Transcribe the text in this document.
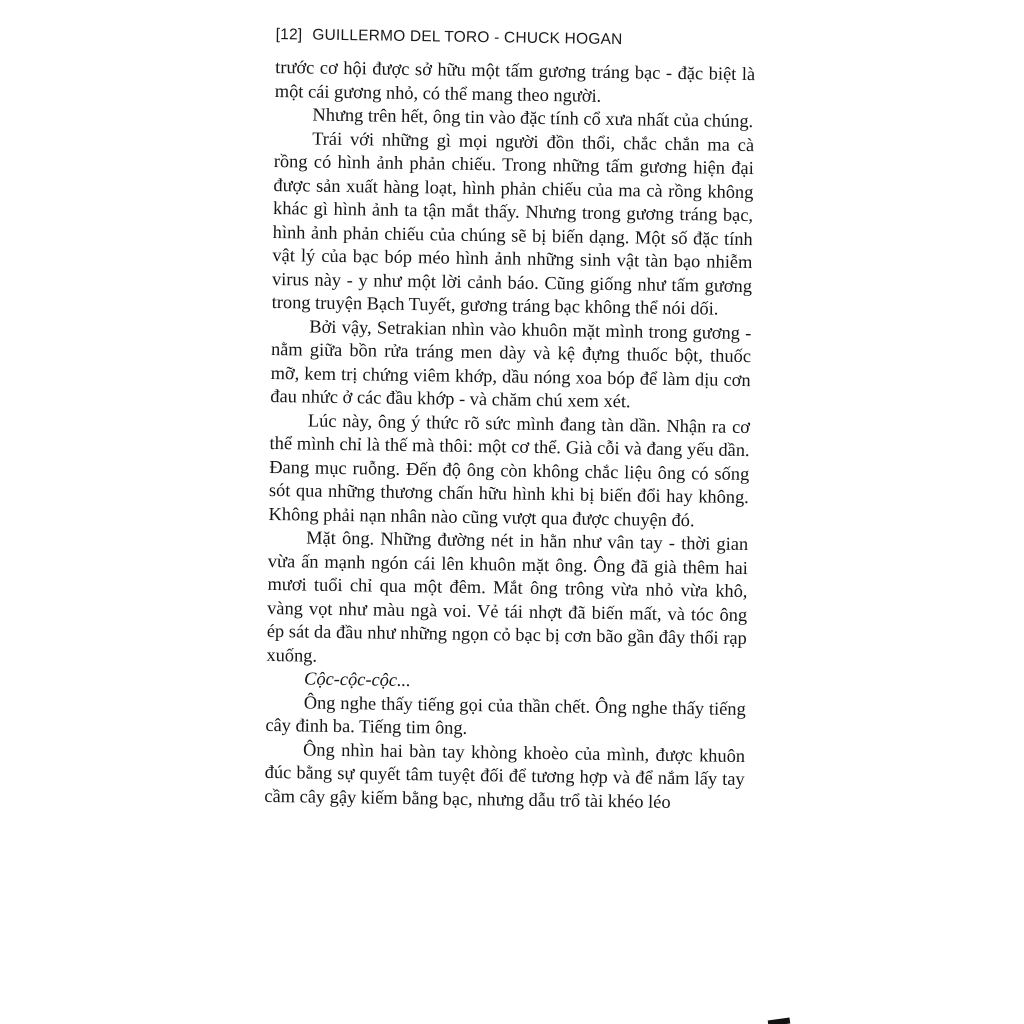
[12] GUILLERMO DEL TORO - CHUCK HOGAN

trước cơ hội được sở hữu một tấm gương tráng bạc - đặc biệt là một cái gương nhỏ, có thể mang theo người.

Nhưng trên hết, ông tin vào đặc tính cổ xưa nhất của chúng.

Trái với những gì mọi người đồn thổi, chắc chắn ma cà rồng có hình ảnh phản chiếu. Trong những tấm gương hiện đại được sản xuất hàng loạt, hình phản chiếu của ma cà rồng không khác gì hình ảnh ta tận mắt thấy. Nhưng trong gương tráng bạc, hình ảnh phản chiếu của chúng sẽ bị biến dạng. Một số đặc tính vật lý của bạc bóp méo hình ảnh những sinh vật tàn bạo nhiễm virus này - y như một lời cảnh báo. Cũng giống như tấm gương trong truyện Bạch Tuyết, gương tráng bạc không thể nói dối.

Bởi vậy, Setrakian nhìn vào khuôn mặt mình trong gương - nằm giữa bồn rửa tráng men dày và kệ đựng thuốc bột, thuốc mỡ, kem trị chứng viêm khớp, dầu nóng xoa bóp để làm dịu cơn đau nhức ở các đầu khớp - và chăm chú xem xét.

Lúc này, ông ý thức rõ sức mình đang tàn dần. Nhận ra cơ thể mình chỉ là thế mà thôi: một cơ thể. Già cỗi và đang yếu dần. Đang mục ruỗng. Đến độ ông còn không chắc liệu ông có sống sót qua những thương chấn hữu hình khi bị biến đổi hay không. Không phải nạn nhân nào cũng vượt qua được chuyện đó.

Mặt ông. Những đường nét in hằn như vân tay - thời gian vừa ấn mạnh ngón cái lên khuôn mặt ông. Ông đã già thêm hai mươi tuổi chỉ qua một đêm. Mắt ông trông vừa nhỏ vừa khô, vàng vọt như màu ngà voi. Vẻ tái nhợt đã biến mất, và tóc ông ép sát da đầu như những ngọn cỏ bạc bị cơn bão gần đây thổi rạp xuống.

Cộc-cộc-cộc...

Ông nghe thấy tiếng gọi của thần chết. Ông nghe thấy tiếng cây đinh ba. Tiếng tim ông.

Ông nhìn hai bàn tay khòng khoèo của mình, được khuôn đúc bằng sự quyết tâm tuyệt đối để tương hợp và để nắm lấy tay cầm cây gậy kiếm bằng bạc, nhưng dẫu trổ tài khéo léo
